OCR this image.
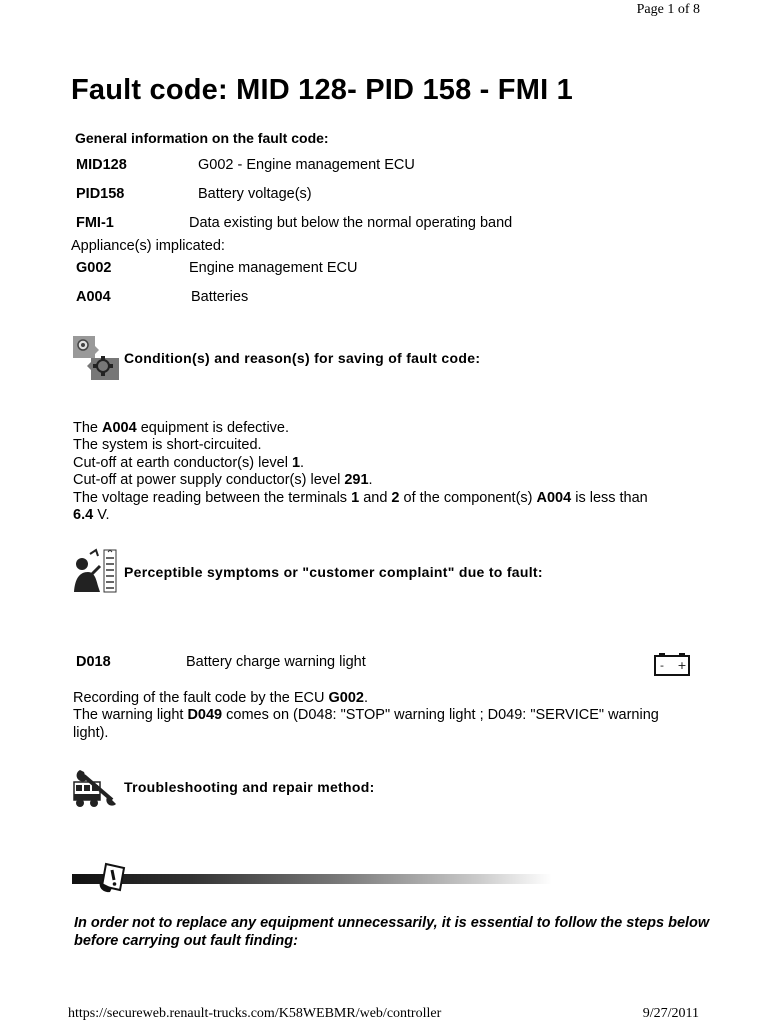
Page 1 of 8
Fault code: MID 128- PID 158 - FMI 1
General information on the fault code:
MID128	G002 - Engine management ECU
PID158	Battery voltage(s)
FMI-1	Data existing but below the normal operating band
Appliance(s) implicated:
G002	Engine management ECU
A004	Batteries
Condition(s) and reason(s) for saving of fault code:
The A004 equipment is defective.
The system is short-circuited.
Cut-off at earth conductor(s) level 1.
Cut-off at power supply conductor(s) level 291.
The voltage reading between the terminals 1 and 2 of the component(s) A004 is less than
6.4 V.
Perceptible symptoms or "customer complaint" due to fault:
D018	Battery charge warning light	- +
Recording of the fault code by the ECU G002.
The warning light D049 comes on (D048: "STOP" warning light ; D049: "SERVICE" warning light).
Troubleshooting and repair method:
In order not to replace any equipment unnecessarily, it is essential to follow the steps below before carrying out fault finding:
https://secureweb.renault-trucks.com/K58WEBMR/web/controller	9/27/2011
